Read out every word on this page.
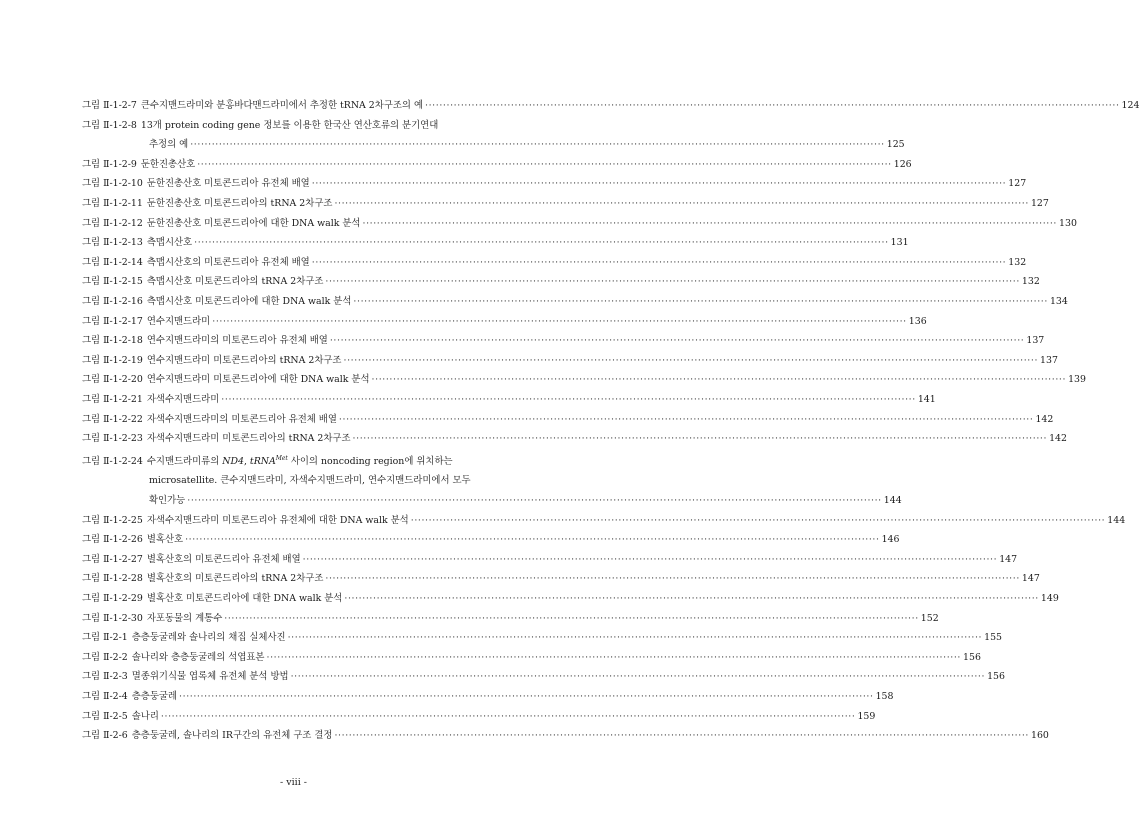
그림 Ⅱ-1-2-7 큰수지맨드라미와 분홍바다맨드라미에서 추정한 tRNA 2차구조의 예 ·····	124
그림 Ⅱ-1-2-8 13개 protein coding gene 정보를 이용한 한국산 연산호류의 분기연대
추정의 예 ·····	125
그림 Ⅱ-1-2-9 둔한진총산호 ·····	126
그림 Ⅱ-1-2-10 둔한진총산호 미토콘드리아 유전체 배열 ·····	127
그림 Ⅱ-1-2-11 둔한진총산호 미토콘드리아의 tRNA 2차구조 ·····	127
그림 Ⅱ-1-2-12 둔한진총산호 미토콘드리아에 대한 DNA walk 분석 ·····	130
그림 Ⅱ-1-2-13 측맵시산호 ·····	131
그림 Ⅱ-1-2-14 측맵시산호의 미토콘드리아 유전체 배열 ·····	132
그림 Ⅱ-1-2-15 측맵시산호 미토콘드리아의 tRNA 2차구조 ·····	132
그림 Ⅱ-1-2-16 측맵시산호 미토콘드리아에 대한 DNA walk 분석 ·····	134
그림 Ⅱ-1-2-17 연수지맨드라미 ·····	136
그림 Ⅱ-1-2-18 연수지맨드라미의 미토콘드리아 유전체 배열 ·····	137
그림 Ⅱ-1-2-19 연수지맨드라미 미토콘드리아의 tRNA 2차구조 ·····	137
그림 Ⅱ-1-2-20 연수지맨드라미 미토콘드리아에 대한 DNA walk 분석 ·····	139
그림 Ⅱ-1-2-21 자색수지맨드라미 ·····	141
그림 Ⅱ-1-2-22 자색수지맨드라미의 미토콘드리아 유전체 배열 ·····	142
그림 Ⅱ-1-2-23 자색수지맨드라미 미토콘드리아의 tRNA 2차구조 ·····	142
그림 Ⅱ-1-2-24 수지맨드라미류의 ND4, tRNA$^{Met}$ 사이의 noncoding region에 위치하는
microsatellite. 큰수지맨드라미, 자색수지맨드라미, 연수지맨드라미에서 모두
확인가능 ·····	144
그림 Ⅱ-1-2-25 자색수지맨드라미 미토콘드리아 유전체에 대한 DNA walk 분석 ·····	144
그림 Ⅱ-1-2-26 별혹산호 ·····	146
그림 Ⅱ-1-2-27 별혹산호의 미토콘드리아 유전체 배열 ·····	147
그림 Ⅱ-1-2-28 별혹산호의 미토콘드리아의 tRNA 2차구조 ·····	147
그림 Ⅱ-1-2-29 별혹산호 미토콘드리아에 대한 DNA walk 분석 ·····	149
그림 Ⅱ-1-2-30 자포동물의 계통수 ·····	152
그림 Ⅱ-2-1 층층둥굴레와 솔나리의 채집 실체사진 ·····	155
그림 Ⅱ-2-2 솔나리와 층층둥굴레의 석엽표본 ·····	156
그림 Ⅱ-2-3 멸종위기식물 엽록체 유전체 분석 방법 ·····	156
그림 Ⅱ-2-4 층층둥굴레 ·····	158
그림 Ⅱ-2-5 솔나리 ·····	159
그림 Ⅱ-2-6 층층둥굴레, 솔나리의 IR구간의 유전체 구조 결정 ·····	160
- viii -
